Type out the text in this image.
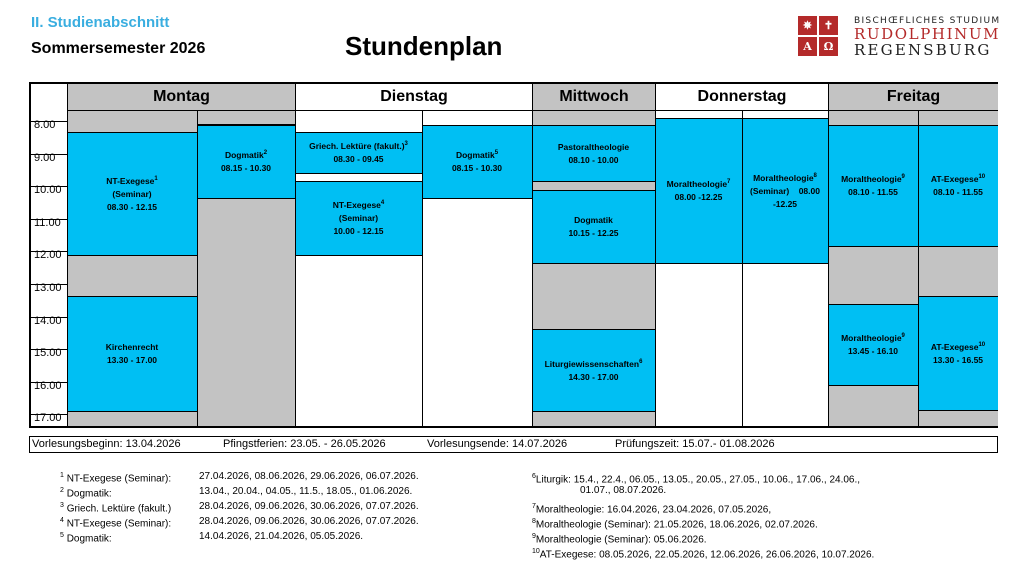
II. Studienabschnitt
Sommersemester 2026	Stundenplan
✵	✝
A	Ω
BISCHŒFLICHES STUDIUM
RUDOLPHINUM
REGENSBURG
8.00
9.00
10.00
11.00
12.00
13.00
14.00
15.00
16.00
17.00
Montag	Dienstag	Mittwoch	Donnerstag	Freitag
NT-Exegese$^1$
(Seminar)
08.30 - 12.15
Kirchenrecht
13.30 - 17.00
Dogmatik$^2$
08.15 - 10.30
Griech. Lektüre (fakult.)$^3$
08.30 - 09.45
NT-Exegese$^4$
(Seminar)
10.00 - 12.15
Dogmatik$^5$
08.15 - 10.30
Pastoraltheologie
08.10 - 10.00
Dogmatik
10.15 - 12.25
Liturgiewissenschaften$^6$
14.30 - 17.00
Moraltheologie$^7$
08.00 -12.25
Moraltheologie$^8$
(Seminar) 08.00
-12.25
Moraltheologie$^9$
08.10 - 11.55
Moraltheologie$^9$
13.45 - 16.10
AT-Exegese$^{10}$
08.10 - 11.55
AT-Exegese$^{10}$
13.30 - 16.55
Vorlesungsbeginn: 13.04.2026	Pfingstferien: 23.05. - 26.05.2026	Vorlesungsende: 14.07.2026	Prüfungszeit: 15.07.- 01.08.2026
$^1$ NT-Exegese (Seminar):	27.04.2026, 08.06.2026, 29.06.2026, 06.07.2026.
$^2$ Dogmatik:	13.04., 20.04., 04.05., 11.5., 18.05., 01.06.2026.
$^3$ Griech. Lektüre (fakult.)	28.04.2026, 09.06.2026, 30.06.2026, 07.07.2026.
$^4$ NT-Exegese (Seminar):	28.04.2026, 09.06.2026, 30.06.2026, 07.07.2026.
$^5$ Dogmatik:	14.04.2026, 21.04.2026, 05.05.2026.
$^6$Liturgik: 15.4., 22.4., 06.05., 13.05., 20.05., 27.05., 10.06., 17.06., 24.06.,
01.07., 08.07.2026.
$^7$Moraltheologie: 16.04.2026, 23.04.2026, 07.05.2026,
$^8$Moraltheologie (Seminar): 21.05.2026, 18.06.2026, 02.07.2026.
$^9$Moraltheologie (Seminar): 05.06.2026.
$^{10}$AT-Exegese: 08.05.2026, 22.05.2026, 12.06.2026, 26.06.2026, 10.07.2026.
